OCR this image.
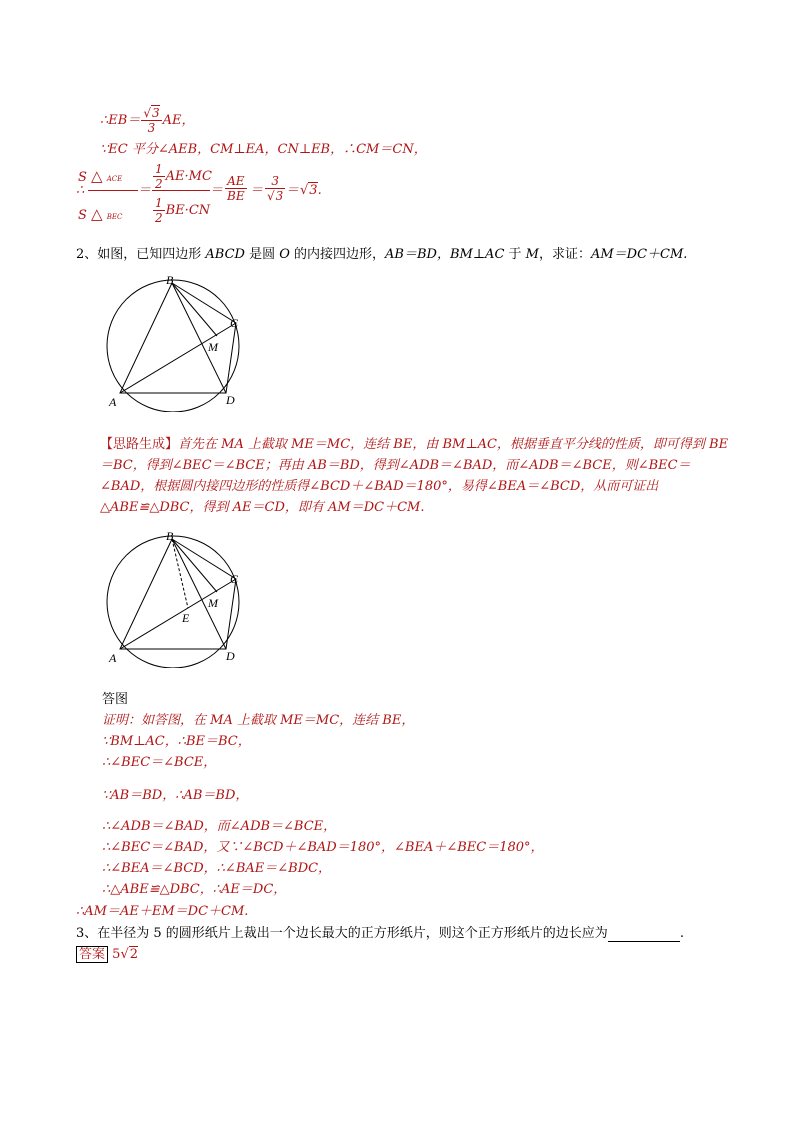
∴EB＝ $\frac{√3}{3}$ AE，
∵EC 平分∠AEB，CM⊥EA，CN⊥EB，∴CM＝CN，
S △ ACE
∴
S △ BEC
＝ $\frac{1}{2} AE\cdot MC$
$\frac{1}{2} BE\cdot CN$
＝ $\frac{AE}{BE} = \frac{3}{√3} = √3$.
2、如图，已知四边形 ABCD 是圆 O 的内接四边形，AB＝BD，BM⊥AC 于 M，求证：AM＝DC＋CM.
B
C
M
A	D
【思路生成】首先在 MA 上截取 ME＝MC，连结 BE，由 BM⊥AC，根据垂直平分线的性质，即可得到 BE＝BC，得到∠BEC＝∠BCE；再由 AB＝BD，得到∠ADB＝∠BAD，而∠ADB＝∠BCE，则∠BEC＝∠BAD，根据圆内接四边形的性质得∠BCD＋∠BAD＝180°，易得∠BEA＝∠BCD，从而可证出△ABE≌△DBC，得到 AE＝CD，即有 AM＝DC＋CM.
B
C
M
E
A	D
答图
证明：如答图，在 MA 上截取 ME＝MC，连结 BE，
∵BM⊥AC，∴BE＝BC，
∴∠BEC＝∠BCE，
∵AB＝BD，∴AB＝BD，
∴∠ADB＝∠BAD，而∠ADB＝∠BCE，
∴∠BEC＝∠BAD，又∵∠BCD＋∠BAD＝180°，∠BEA＋∠BEC＝180°，
∴∠BEA＝∠BCD，∴∠BAE＝∠BDC，
∴△ABE≌△DBC，∴AE＝DC，
∴AM＝AE＋EM＝DC＋CM.
3、在半径为 5 的圆形纸片上裁出一个边长最大的正方形纸片，则这个正方形纸片的边长应为	.
答案 5√2
